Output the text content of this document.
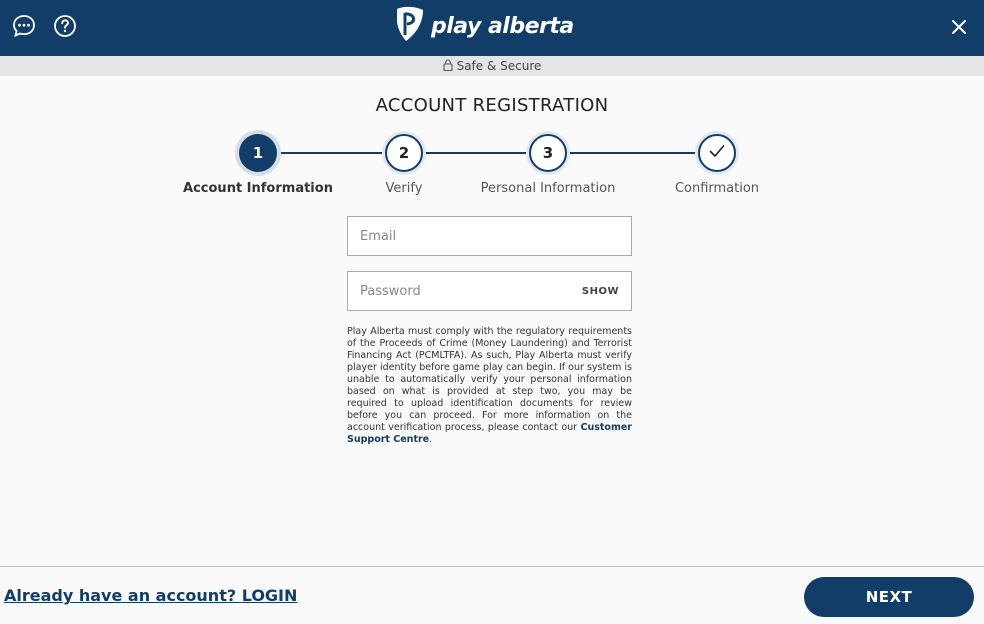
play alberta
Safe & Secure
ACCOUNT REGISTRATION
1	2	3
Account Information	Verify	Personal Information	Confirmation
Email
SHOW
Play Alberta must comply with the regulatory requirements of the Proceeds of Crime (Money Laundering) and Terrorist Financing Act (PCMLTFA). As such, Play Alberta must verify player identity before game play can begin. If our system is unable to automatically verify your personal information based on what is provided at step two, you may be required to upload identification documents for review before you can proceed. For more information on the account verification process, please contact our Customer Support Centre.
Already have an account? LOGIN	NEXT
